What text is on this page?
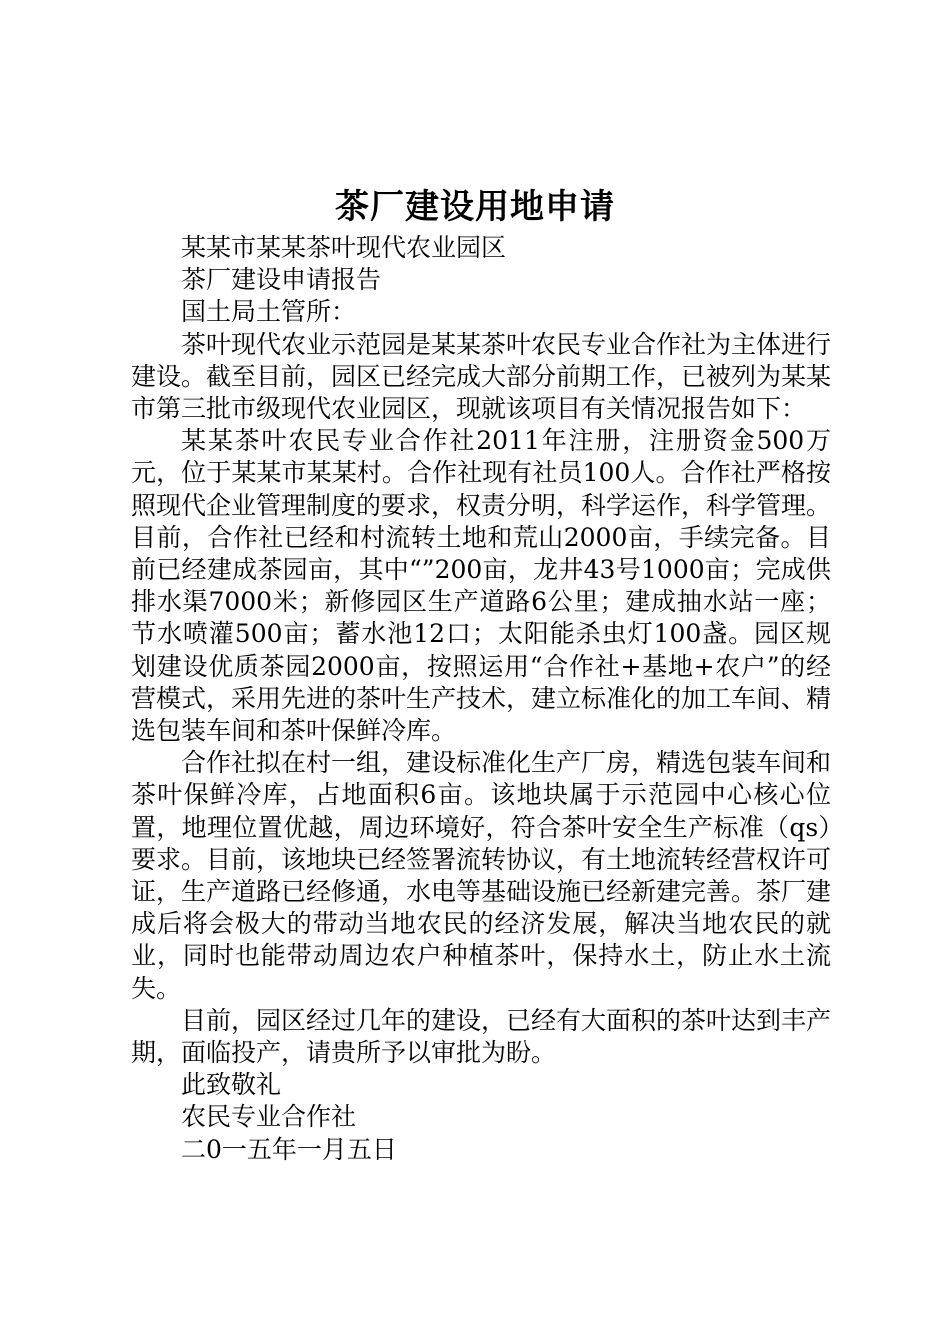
茶厂建设用地申请

某某市某某茶叶现代农业园区

茶厂建设申请报告

国土局土管所：

茶叶现代农业示范园是某某茶叶农民专业合作社为主体进行建设。截至目前，园区已经完成大部分前期工作，已被列为某某市第三批市级现代农业园区，现就该项目有关情况报告如下：

某某茶叶农民专业合作社2011年注册，注册资金500万元，位于某某市某某村。合作社现有社员100人。合作社严格按照现代企业管理制度的要求，权责分明，科学运作，科学管理。目前，合作社已经和村流转土地和荒山2000亩，手续完备。目前已经建成茶园亩，其中“”200亩，龙井43号1000亩；完成供排水渠7000米；新修园区生产道路6公里；建成抽水站一座；节水喷灌500亩；蓄水池12口；太阳能杀虫灯100盏。园区规划建设优质茶园2000亩，按照运用“合作社+基地+农户”的经营模式，采用先进的茶叶生产技术，建立标准化的加工车间、精选包装车间和茶叶保鲜冷库。

合作社拟在村一组，建设标准化生产厂房，精选包装车间和茶叶保鲜冷库，占地面积6亩。该地块属于示范园中心核心位置，地理位置优越，周边环境好，符合茶叶安全生产标准（qs）要求。目前，该地块已经签署流转协议，有土地流转经营权许可证，生产道路已经修通，水电等基础设施已经新建完善。茶厂建成后将会极大的带动当地农民的经济发展，解决当地农民的就业，同时也能带动周边农户种植茶叶，保持水土，防止水土流失。

目前，园区经过几年的建设，已经有大面积的茶叶达到丰产期，面临投产，请贵所予以审批为盼。

此致敬礼

农民专业合作社

二0一五年一月五日
